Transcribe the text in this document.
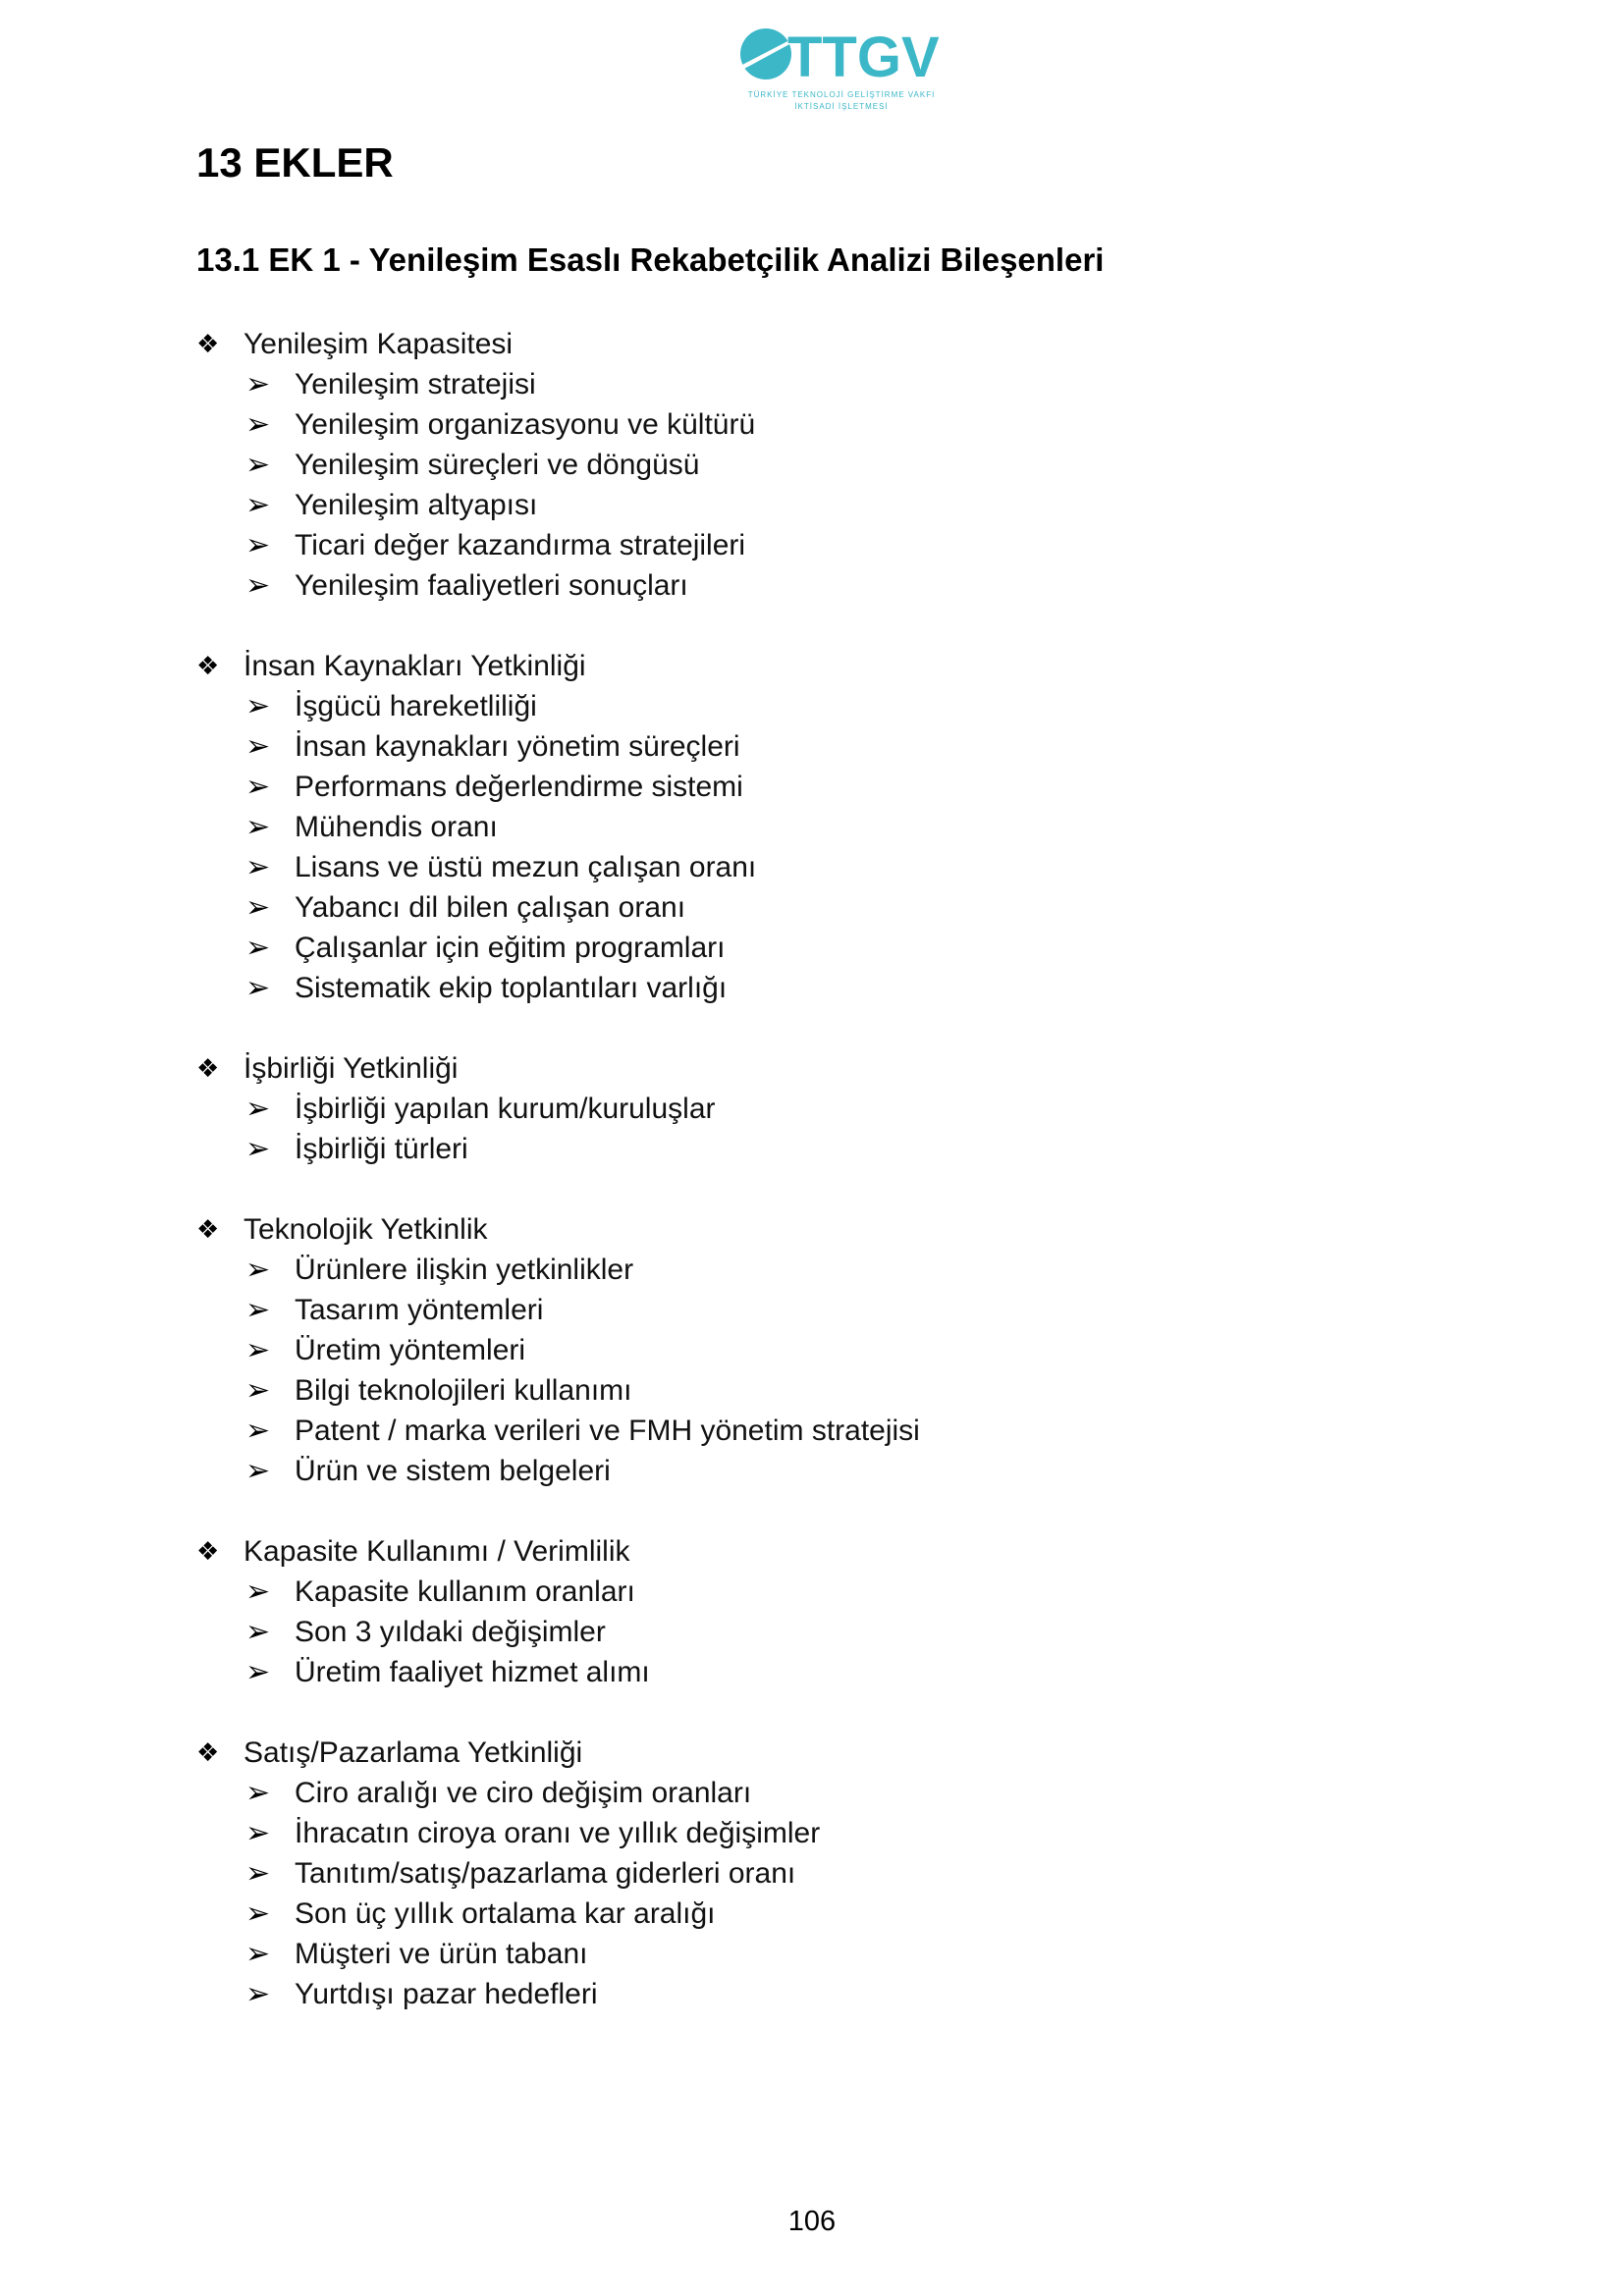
TTGV
TÜRKİYE TEKNOLOJİ GELİŞTİRME VAKFI
İKTİSADİ İŞLETMESİ
13 EKLER
13.1 EK 1 - Yenileşim Esaslı Rekabetçilik Analizi Bileşenleri
❖ Yenileşim Kapasitesi
➢ Yenileşim stratejisi
➢ Yenileşim organizasyonu ve kültürü
➢ Yenileşim süreçleri ve döngüsü
➢ Yenileşim altyapısı
➢ Ticari değer kazandırma stratejileri
➢ Yenileşim faaliyetleri sonuçları
❖ İnsan Kaynakları Yetkinliği
➢ İşgücü hareketliliği
➢ İnsan kaynakları yönetim süreçleri
➢ Performans değerlendirme sistemi
➢ Mühendis oranı
➢ Lisans ve üstü mezun çalışan oranı
➢ Yabancı dil bilen çalışan oranı
➢ Çalışanlar için eğitim programları
➢ Sistematik ekip toplantıları varlığı
❖ İşbirliği Yetkinliği
➢ İşbirliği yapılan kurum/kuruluşlar
➢ İşbirliği türleri
❖ Teknolojik Yetkinlik
➢ Ürünlere ilişkin yetkinlikler
➢ Tasarım yöntemleri
➢ Üretim yöntemleri
➢ Bilgi teknolojileri kullanımı
➢ Patent / marka verileri ve FMH yönetim stratejisi
➢ Ürün ve sistem belgeleri
❖ Kapasite Kullanımı / Verimlilik
➢ Kapasite kullanım oranları
➢ Son 3 yıldaki değişimler
➢ Üretim faaliyet hizmet alımı
❖ Satış/Pazarlama Yetkinliği
➢ Ciro aralığı ve ciro değişim oranları
➢ İhracatın ciroya oranı ve yıllık değişimler
➢ Tanıtım/satış/pazarlama giderleri oranı
➢ Son üç yıllık ortalama kar aralığı
➢ Müşteri ve ürün tabanı
➢ Yurtdışı pazar hedefleri
106
